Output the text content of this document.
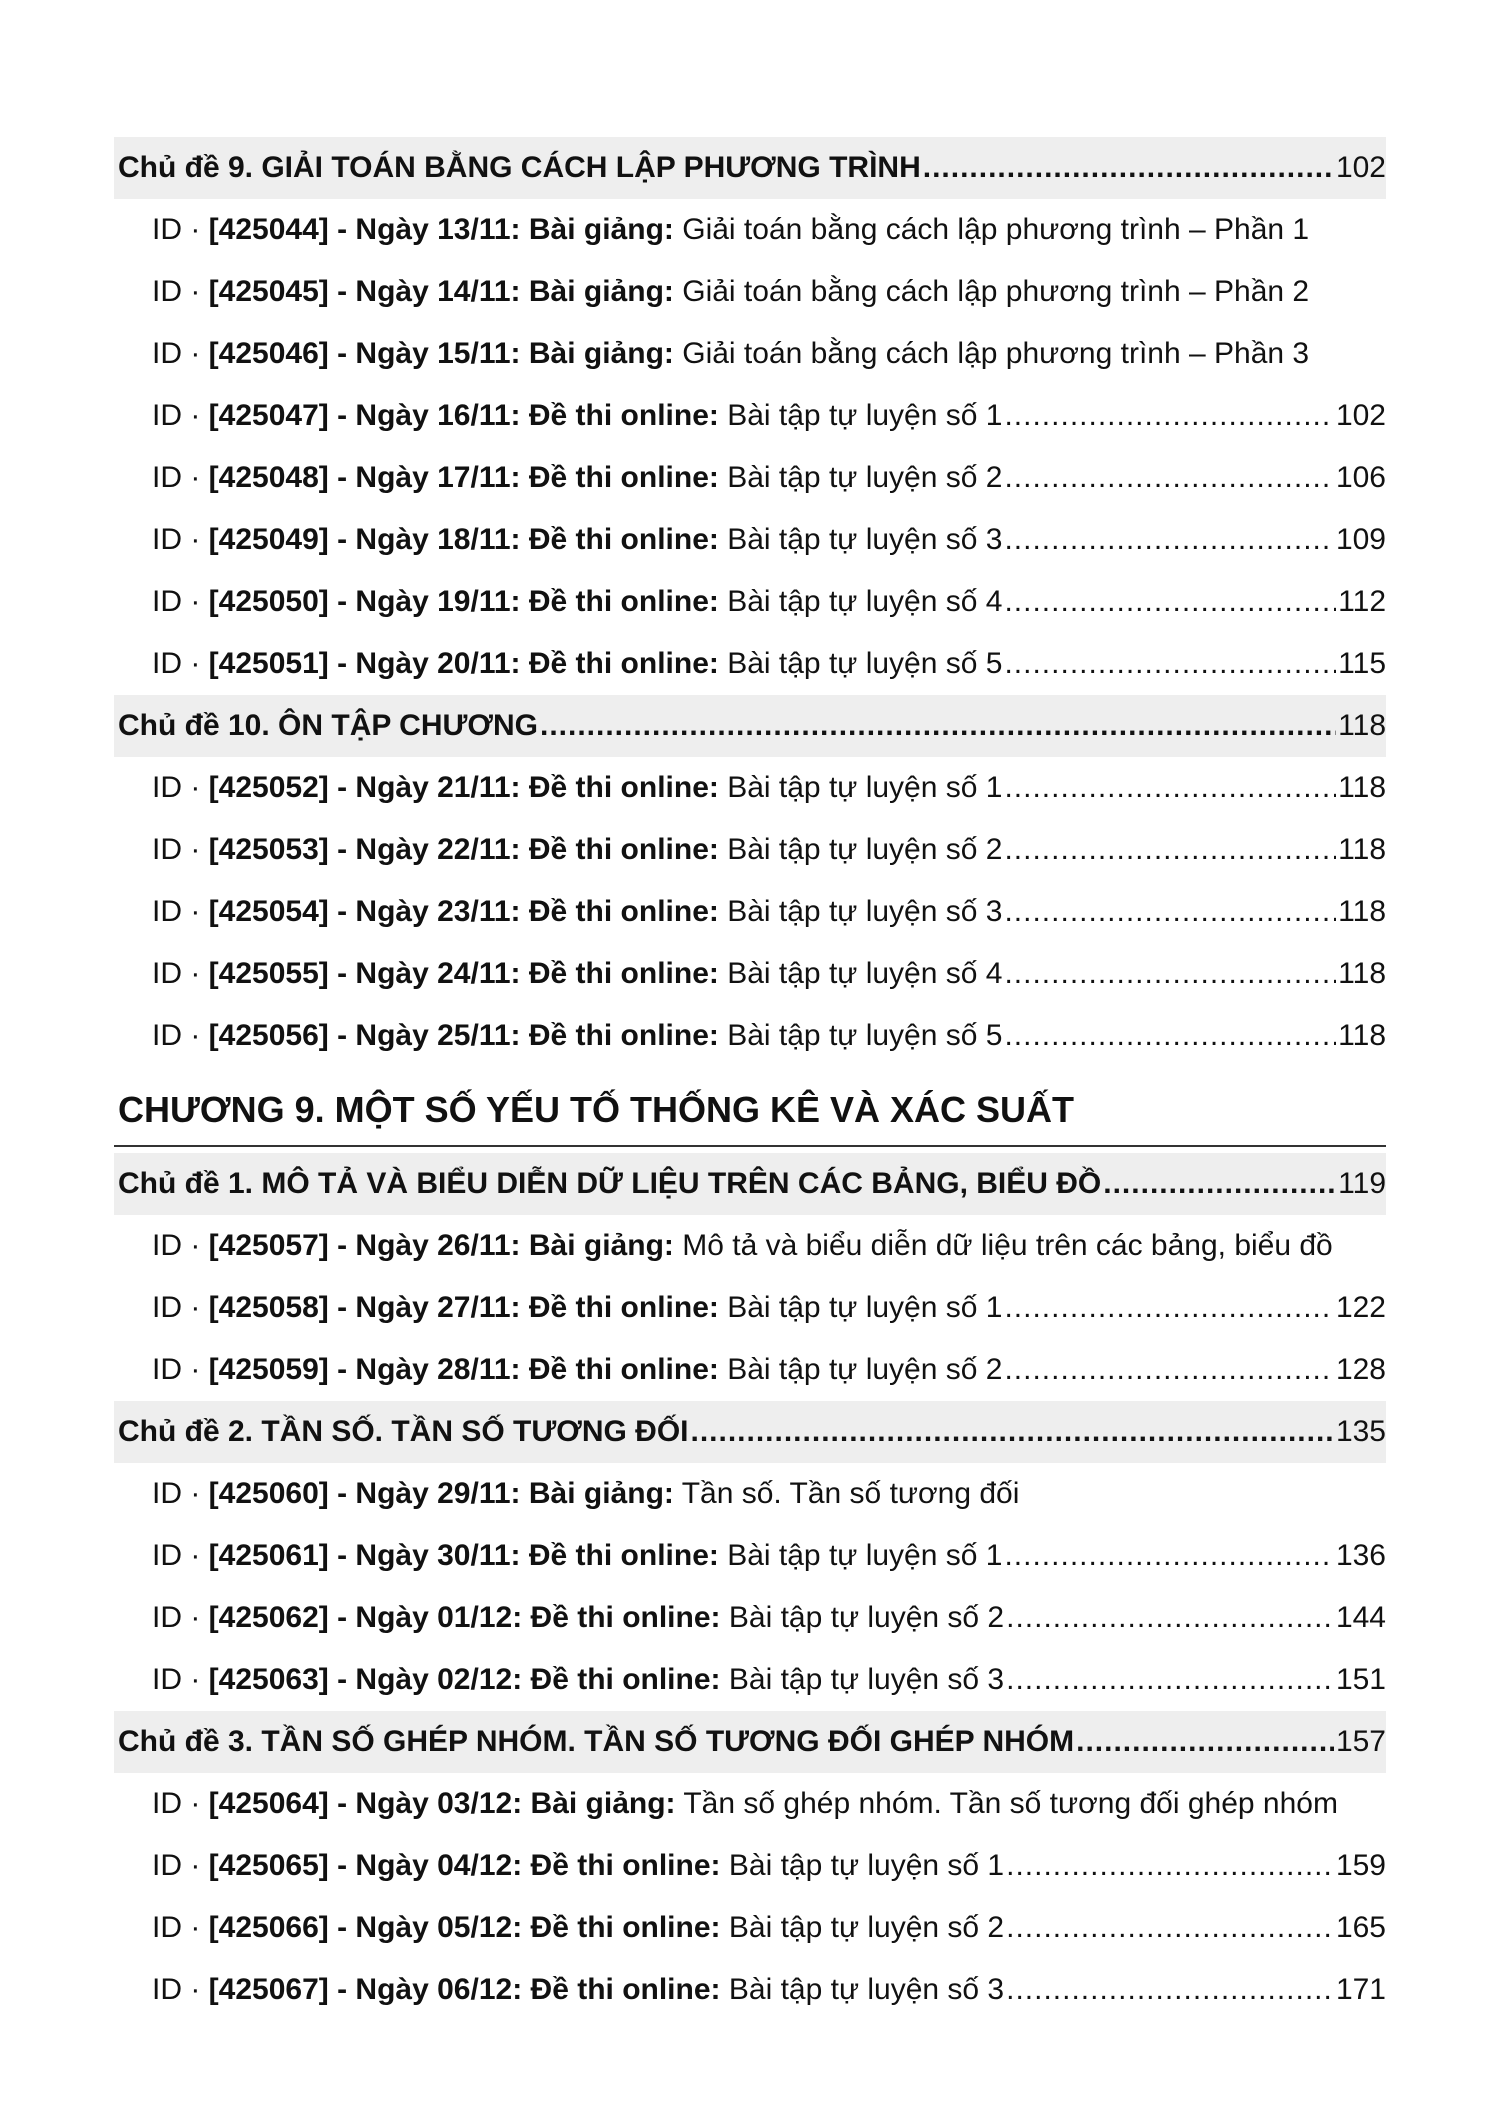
Chủ đề 9. GIẢI TOÁN BẰNG CÁCH LẬP PHƯƠNG TRÌNH .....	102
ID · [425044] - Ngày 13/11: Bài giảng: Giải toán bằng cách lập phương trình – Phần 1
ID · [425045] - Ngày 14/11: Bài giảng: Giải toán bằng cách lập phương trình – Phần 2
ID · [425046] - Ngày 15/11: Bài giảng: Giải toán bằng cách lập phương trình – Phần 3
ID · [425047] - Ngày 16/11: Đề thi online: Bài tập tự luyện số 1 .....	102
ID · [425048] - Ngày 17/11: Đề thi online: Bài tập tự luyện số 2 .....	106
ID · [425049] - Ngày 18/11: Đề thi online: Bài tập tự luyện số 3 .....	109
ID · [425050] - Ngày 19/11: Đề thi online: Bài tập tự luyện số 4 .....	112
ID · [425051] - Ngày 20/11: Đề thi online: Bài tập tự luyện số 5 .....	115
Chủ đề 10. ÔN TẬP CHƯƠNG .....	118
ID · [425052] - Ngày 21/11: Đề thi online: Bài tập tự luyện số 1 .....	118
ID · [425053] - Ngày 22/11: Đề thi online: Bài tập tự luyện số 2 .....	118
ID · [425054] - Ngày 23/11: Đề thi online: Bài tập tự luyện số 3 .....	118
ID · [425055] - Ngày 24/11: Đề thi online: Bài tập tự luyện số 4 .....	118
ID · [425056] - Ngày 25/11: Đề thi online: Bài tập tự luyện số 5 .....	118
CHƯƠNG 9. MỘT SỐ YẾU TỐ THỐNG KÊ VÀ XÁC SUẤT
Chủ đề 1. MÔ TẢ VÀ BIỂU DIỄN DỮ LIỆU TRÊN CÁC BẢNG, BIỂU ĐỒ .....	119
ID · [425057] - Ngày 26/11: Bài giảng: Mô tả và biểu diễn dữ liệu trên các bảng, biểu đồ
ID · [425058] - Ngày 27/11: Đề thi online: Bài tập tự luyện số 1 .....	122
ID · [425059] - Ngày 28/11: Đề thi online: Bài tập tự luyện số 2 .....	128
Chủ đề 2. TẦN SỐ. TẦN SỐ TƯƠNG ĐỐI .....	135
ID · [425060] - Ngày 29/11: Bài giảng: Tần số. Tần số tương đối
ID · [425061] - Ngày 30/11: Đề thi online: Bài tập tự luyện số 1 .....	136
ID · [425062] - Ngày 01/12: Đề thi online: Bài tập tự luyện số 2 .....	144
ID · [425063] - Ngày 02/12: Đề thi online: Bài tập tự luyện số 3 .....	151
Chủ đề 3. TẦN SỐ GHÉP NHÓM. TẦN SỐ TƯƠNG ĐỐI GHÉP NHÓM .....	157
ID · [425064] - Ngày 03/12: Bài giảng: Tần số ghép nhóm. Tần số tương đối ghép nhóm
ID · [425065] - Ngày 04/12: Đề thi online: Bài tập tự luyện số 1 .....	159
ID · [425066] - Ngày 05/12: Đề thi online: Bài tập tự luyện số 2 .....	165
ID · [425067] - Ngày 06/12: Đề thi online: Bài tập tự luyện số 3 .....	171
